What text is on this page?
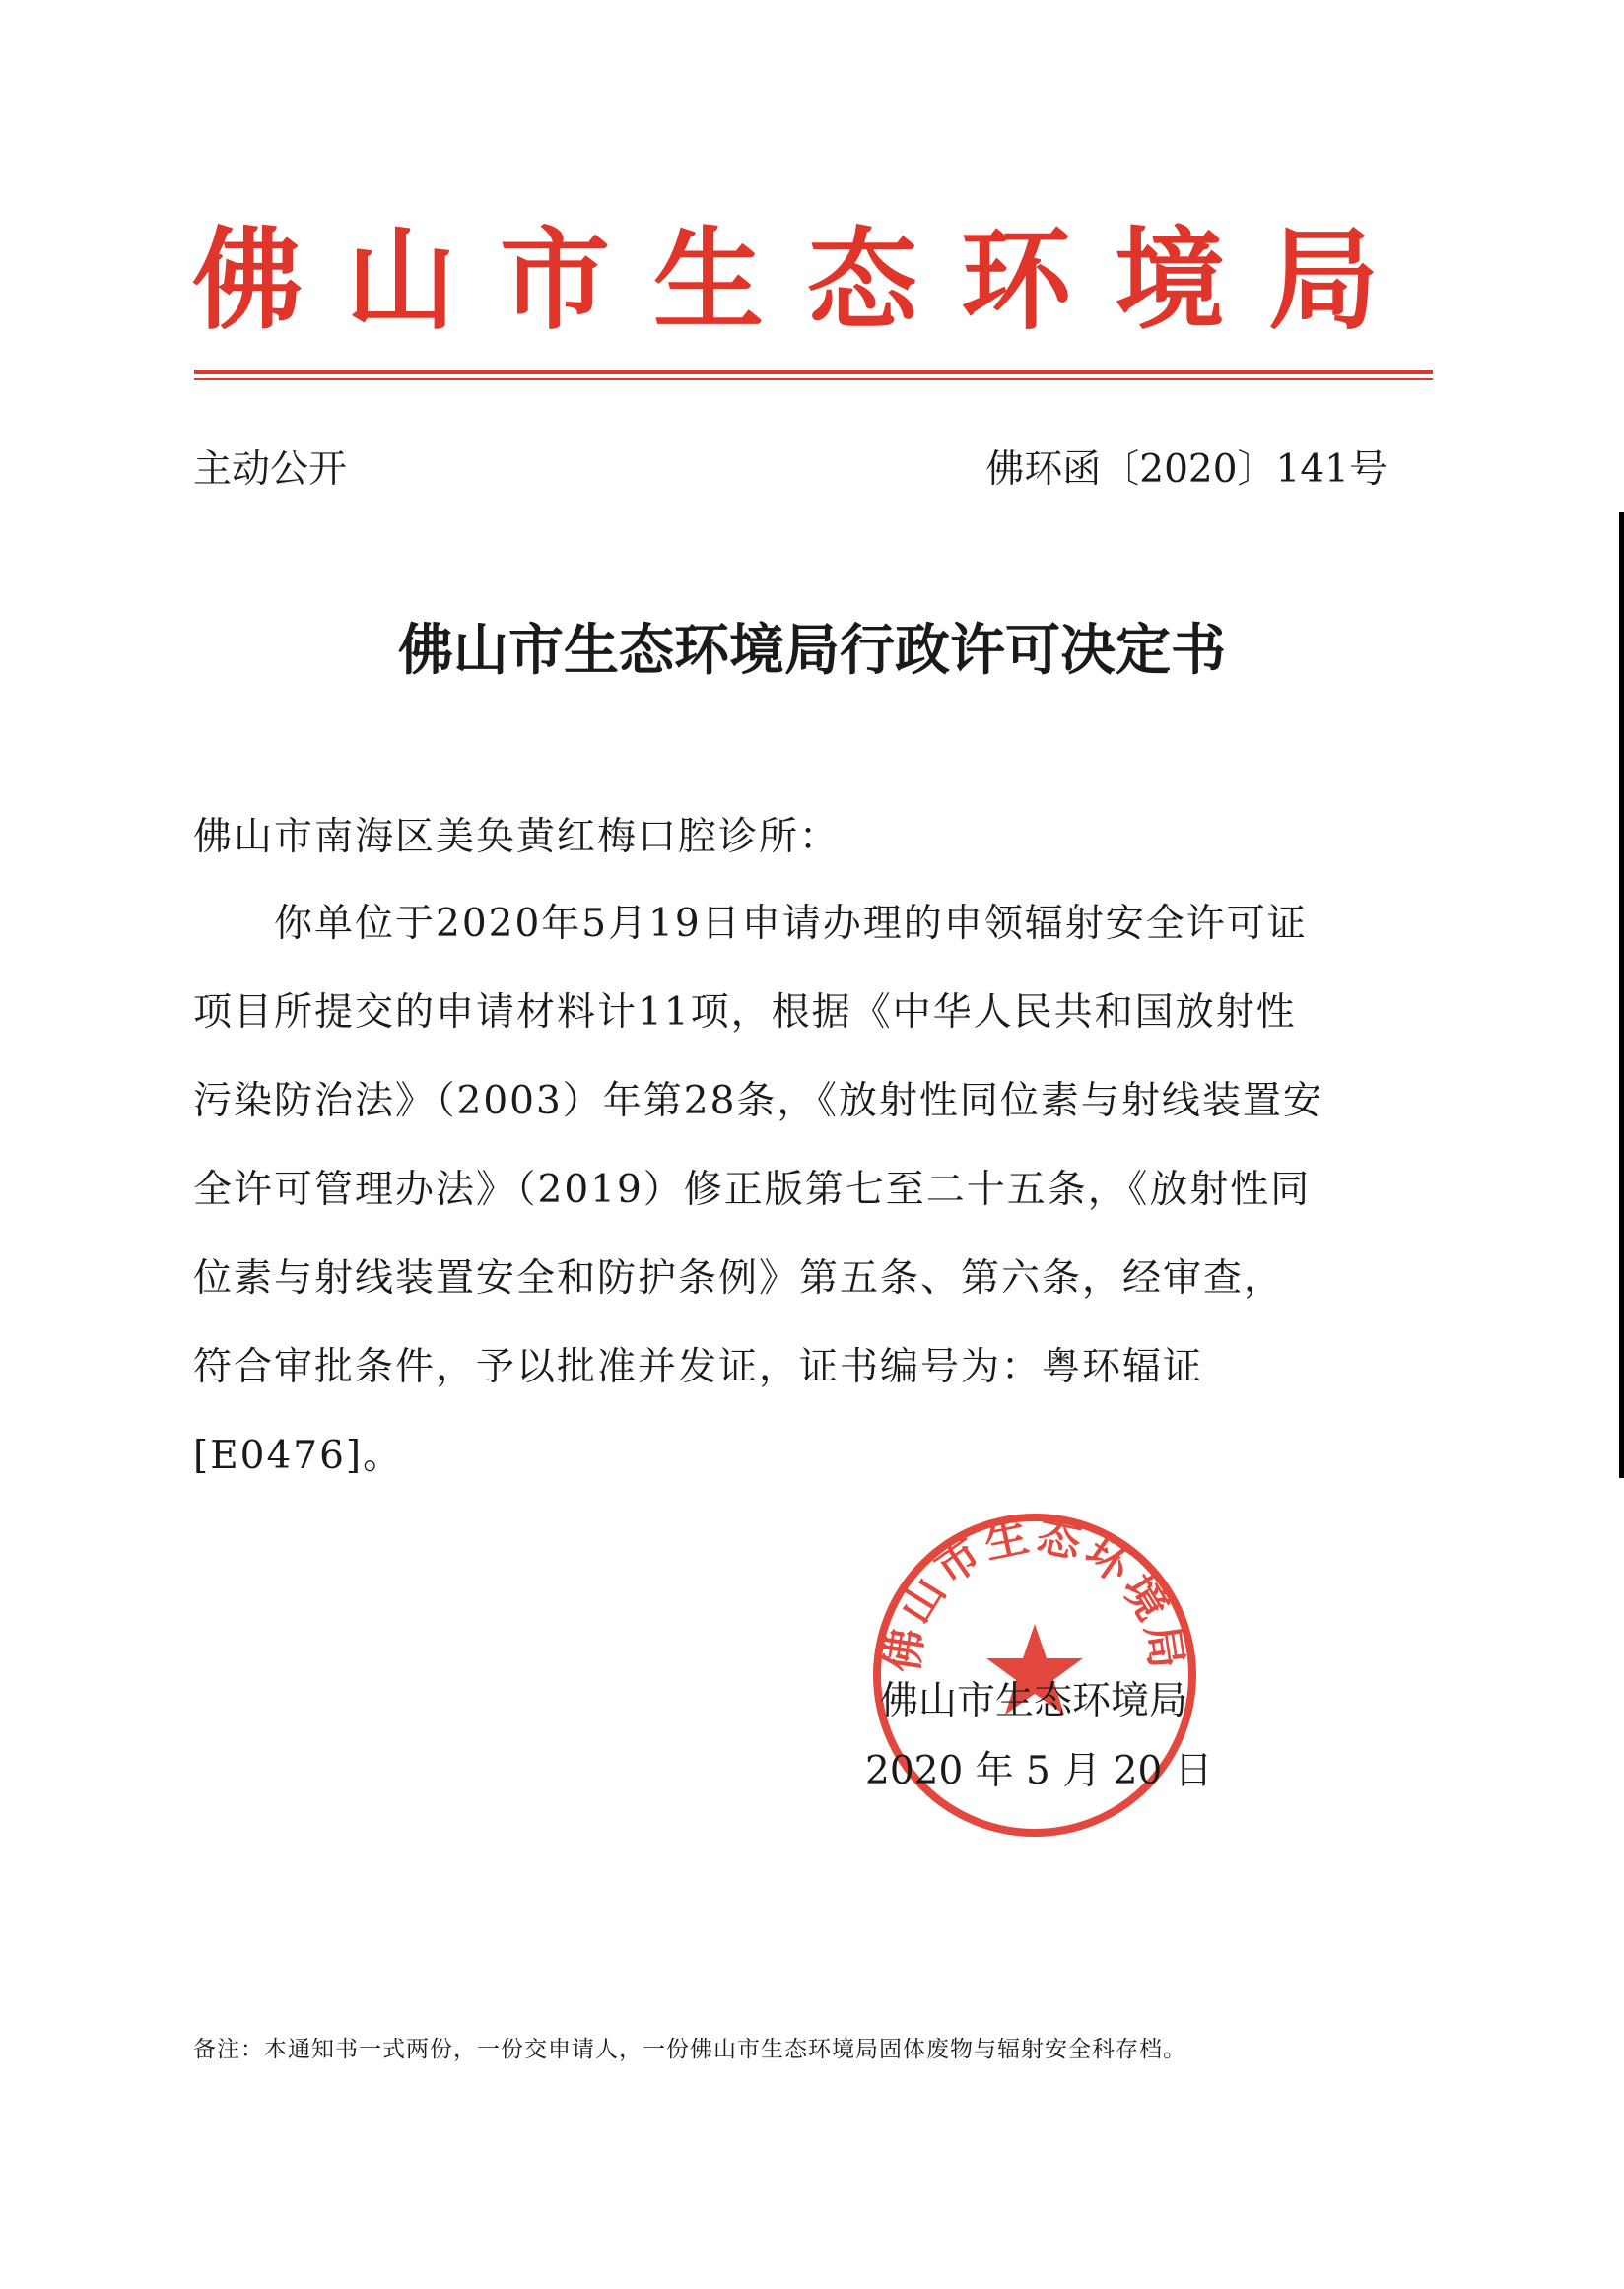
佛山市生态环境局
主动公开	佛环函〔2020〕141号
佛山市生态环境局行政许可决定书
佛山市南海区美奂黄红梅口腔诊所：
　　你单位于2020年5月19日申请办理的申领辐射安全许可证
项目所提交的申请材料计11项，根据《中华人民共和国放射性
污染防治法》（2003）年第28条，《放射性同位素与射线装置安
全许可管理办法》（2019）修正版第七至二十五条，《放射性同
位素与射线装置安全和防护条例》第五条、第六条，经审查，
符合审批条件，予以批准并发证，证书编号为：粤环辐证
[E0476]。
佛山市生态环境局
佛山市生态环境局
2020 年 5 月 20 日
备注：本通知书一式两份，一份交申请人，一份佛山市生态环境局固体废物与辐射安全科存档。
